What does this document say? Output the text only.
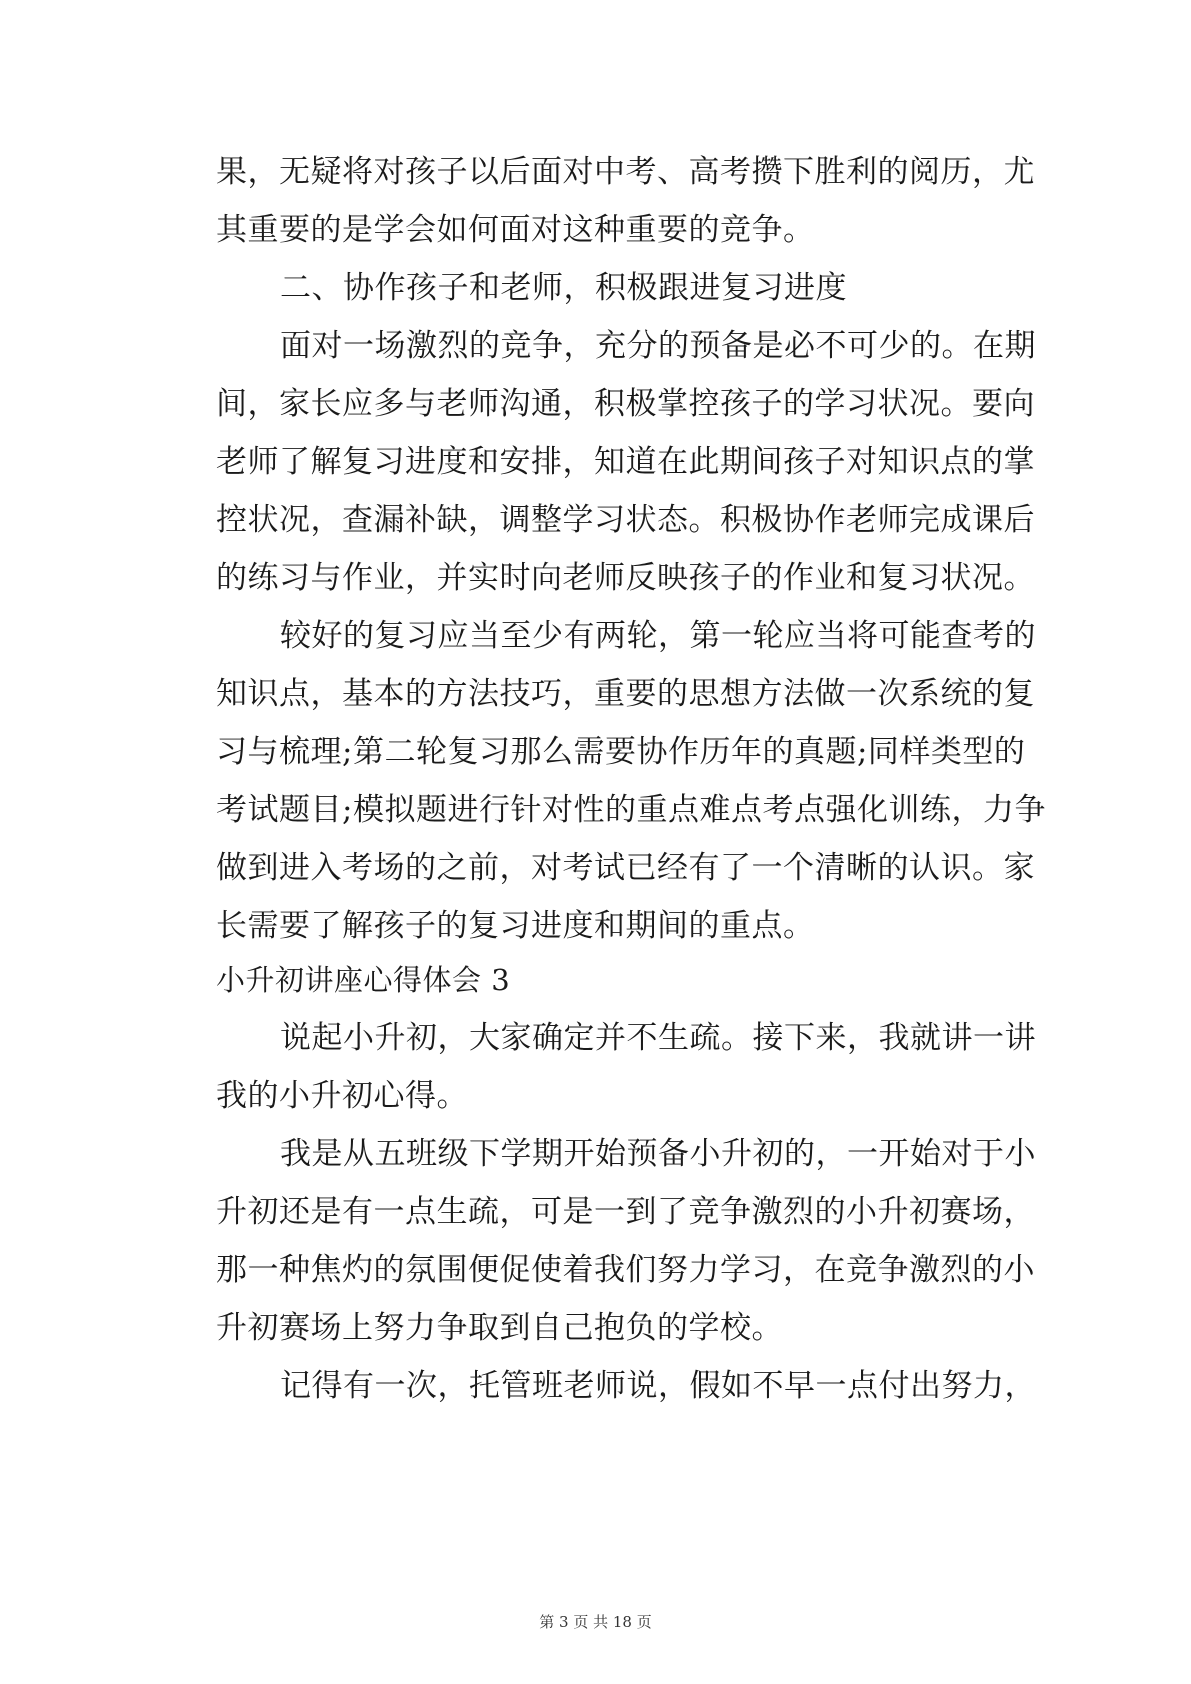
果，无疑将对孩子以后面对中考、高考攒下胜利的阅历，尤
其重要的是学会如何面对这种重要的竞争。
二、协作孩子和老师，积极跟进复习进度
面对一场激烈的竞争，充分的预备是必不可少的。在期
间，家长应多与老师沟通，积极掌控孩子的学习状况。要向
老师了解复习进度和安排，知道在此期间孩子对知识点的掌
控状况，查漏补缺，调整学习状态。积极协作老师完成课后
的练习与作业，并实时向老师反映孩子的作业和复习状况。
较好的复习应当至少有两轮，第一轮应当将可能查考的
知识点，基本的方法技巧，重要的思想方法做一次系统的复
习与梳理;第二轮复习那么需要协作历年的真题;同样类型的
考试题目;模拟题进行针对性的重点难点考点强化训练，力争
做到进入考场的之前，对考试已经有了一个清晰的认识。家
长需要了解孩子的复习进度和期间的重点。
小升初讲座心得体会 3
说起小升初，大家确定并不生疏。接下来，我就讲一讲
我的小升初心得。
我是从五班级下学期开始预备小升初的，一开始对于小
升初还是有一点生疏，可是一到了竞争激烈的小升初赛场，
那一种焦灼的氛围便促使着我们努力学习，在竞争激烈的小
升初赛场上努力争取到自己抱负的学校。
记得有一次，托管班老师说，假如不早一点付出努力，
第 3 页 共 18 页
